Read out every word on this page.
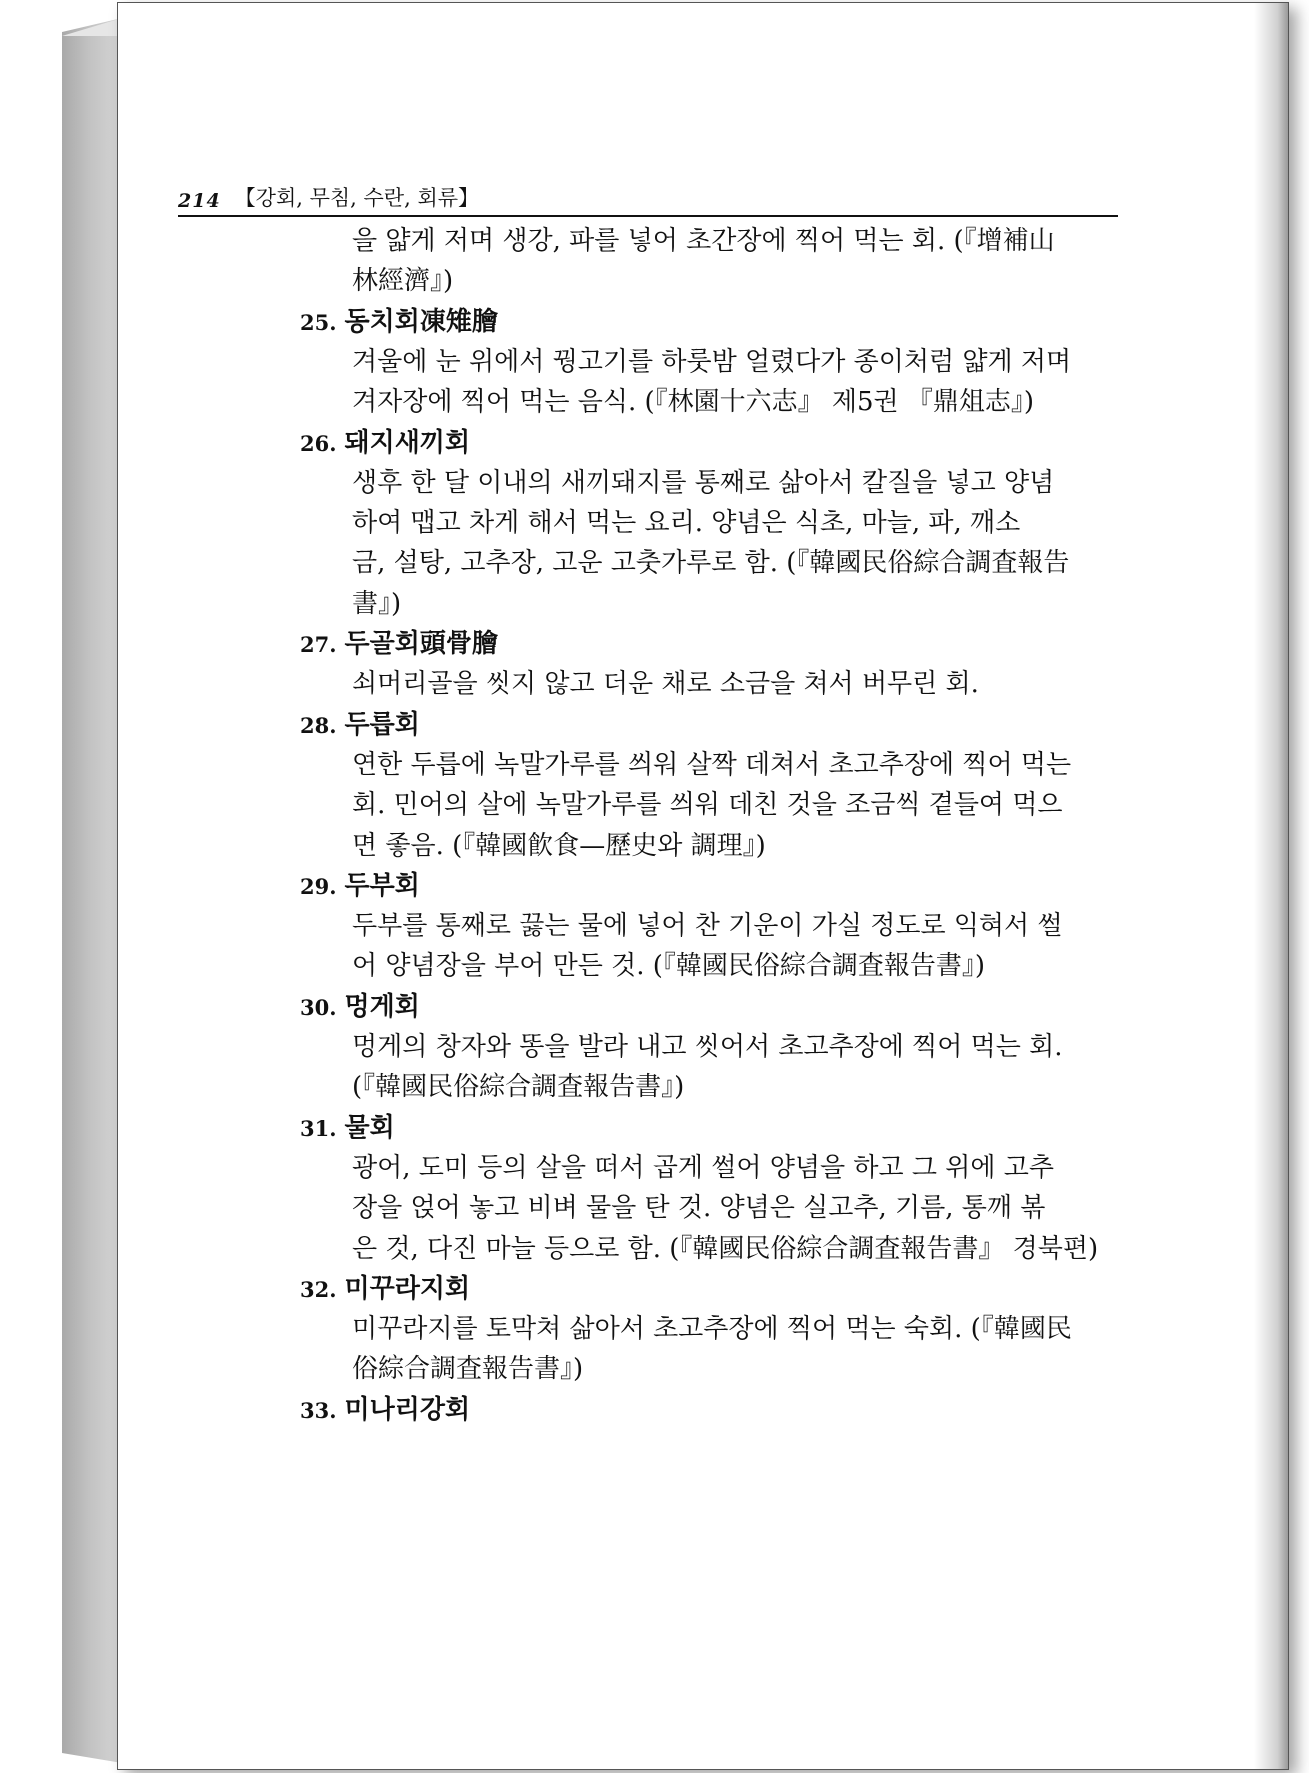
214 【강회, 무침, 수란, 회류】
을 얇게 저며 생강, 파를 넣어 초간장에 찍어 먹는 회. (『增補山
林經濟』)
25. 동치회凍雉膾
겨울에 눈 위에서 꿩고기를 하룻밤 얼렸다가 종이처럼 얇게 저며
겨자장에 찍어 먹는 음식. (『林園十六志』 제5권 『鼎俎志』)
26. 돼지새끼회
생후 한 달 이내의 새끼돼지를 통째로 삶아서 칼질을 넣고 양념
하여 맵고 차게 해서 먹는 요리. 양념은 식초, 마늘, 파, 깨소
금, 설탕, 고추장, 고운 고춧가루로 함. (『韓國民俗綜合調査報告
書』)
27. 두골회頭骨膾
쇠머리골을 씻지 않고 더운 채로 소금을 쳐서 버무린 회.
28. 두릅회
연한 두릅에 녹말가루를 씌워 살짝 데쳐서 초고추장에 찍어 먹는
회. 민어의 살에 녹말가루를 씌워 데친 것을 조금씩 곁들여 먹으
면 좋음. (『韓國飮食—歷史와 調理』)
29. 두부회
두부를 통째로 끓는 물에 넣어 찬 기운이 가실 정도로 익혀서 썰
어 양념장을 부어 만든 것. (『韓國民俗綜合調査報告書』)
30. 멍게회
멍게의 창자와 똥을 발라 내고 씻어서 초고추장에 찍어 먹는 회.
(『韓國民俗綜合調査報告書』)
31. 물회
광어, 도미 등의 살을 떠서 곱게 썰어 양념을 하고 그 위에 고추
장을 얹어 놓고 비벼 물을 탄 것. 양념은 실고추, 기름, 통깨 볶
은 것, 다진 마늘 등으로 함. (『韓國民俗綜合調査報告書』 경북편)
32. 미꾸라지회
미꾸라지를 토막쳐 삶아서 초고추장에 찍어 먹는 숙회. (『韓國民
俗綜合調査報告書』)
33. 미나리강회
